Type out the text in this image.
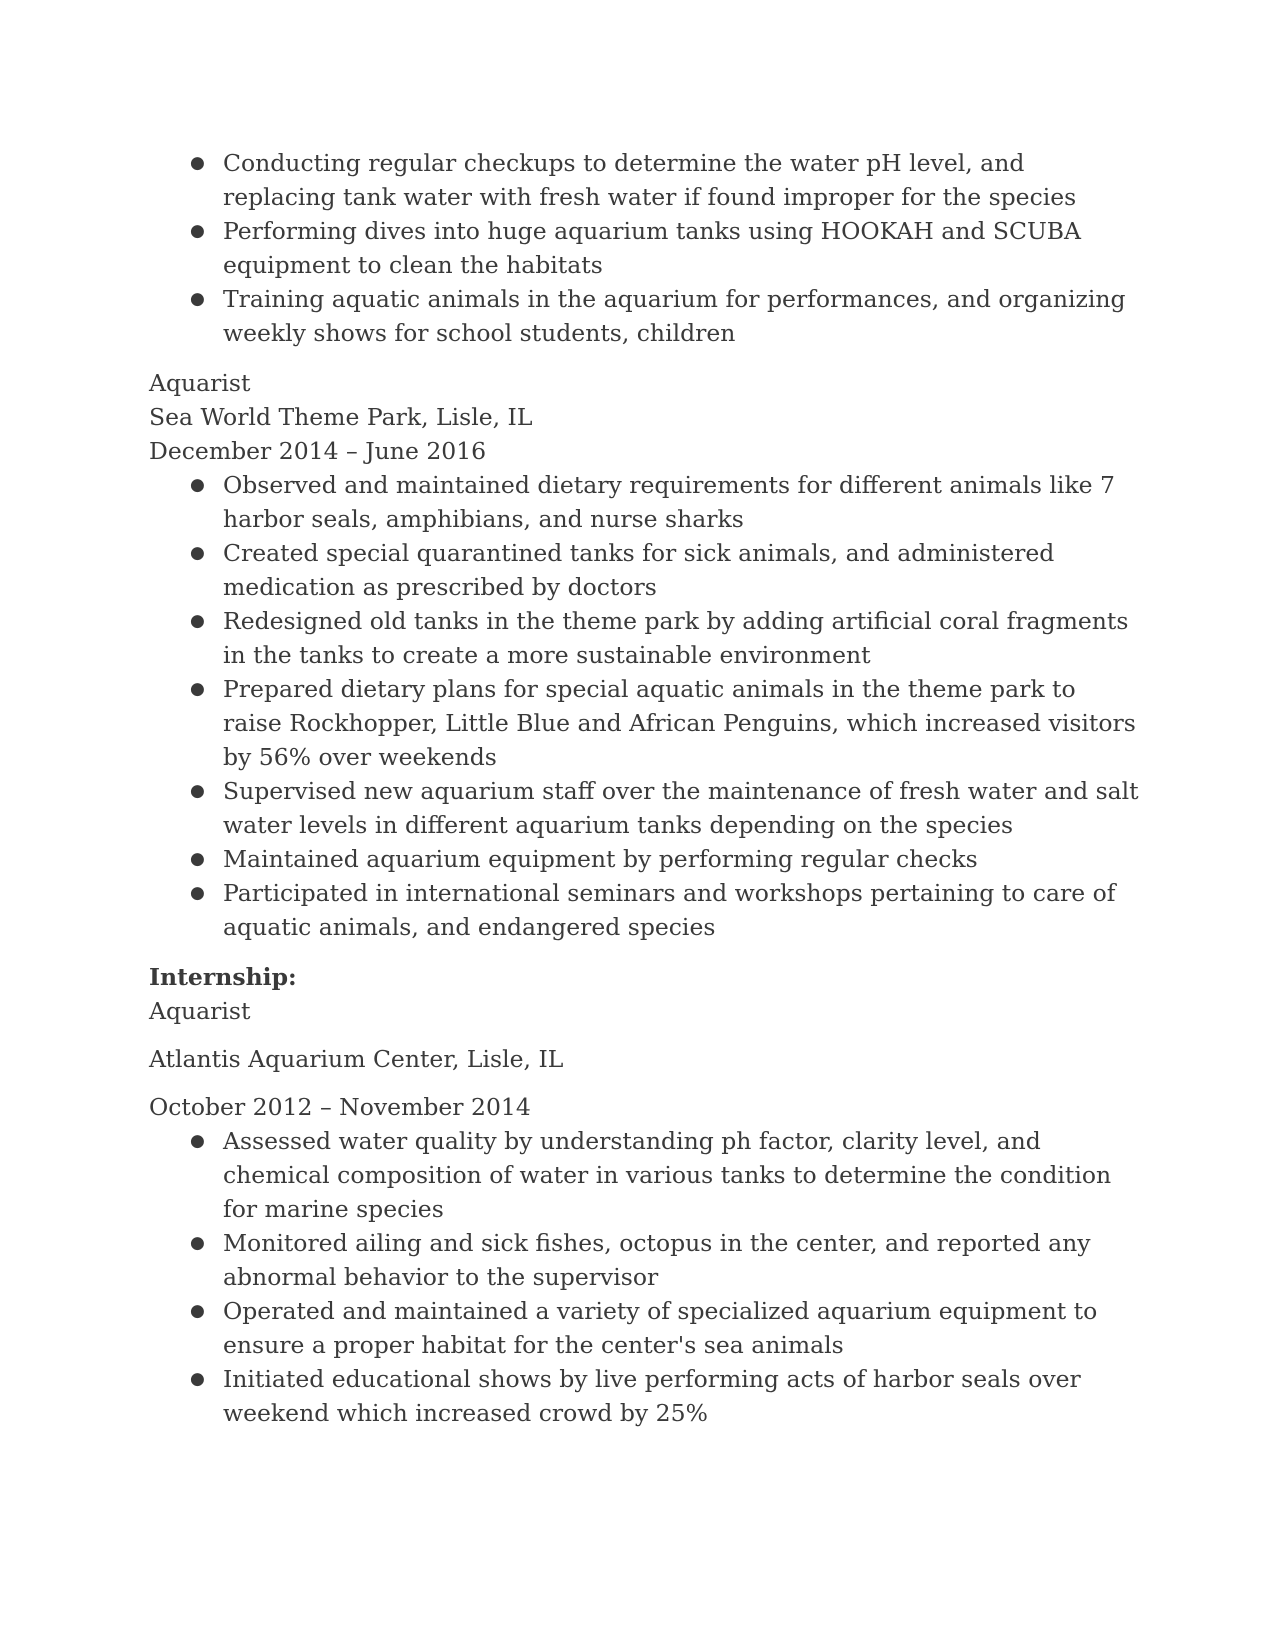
● Conducting regular checkups to determine the water pH level, and replacing tank water with fresh water if found improper for the species
● Performing dives into huge aquarium tanks using HOOKAH and SCUBA equipment to clean the habitats
● Training aquatic animals in the aquarium for performances, and organizing weekly shows for school students, children
Aquarist
Sea World Theme Park, Lisle, IL
December 2014 – June 2016
● Observed and maintained dietary requirements for different animals like 7 harbor seals, amphibians, and nurse sharks
● Created special quarantined tanks for sick animals, and administered medication as prescribed by doctors
● Redesigned old tanks in the theme park by adding artificial coral fragments in the tanks to create a more sustainable environment
● Prepared dietary plans for special aquatic animals in the theme park to raise Rockhopper, Little Blue and African Penguins, which increased visitors by 56% over weekends
● Supervised new aquarium staff over the maintenance of fresh water and salt water levels in different aquarium tanks depending on the species
● Maintained aquarium equipment by performing regular checks
● Participated in international seminars and workshops pertaining to care of aquatic animals, and endangered species
Internship:
Aquarist
Atlantis Aquarium Center, Lisle, IL
October 2012 – November 2014
● Assessed water quality by understanding ph factor, clarity level, and chemical composition of water in various tanks to determine the condition for marine species
● Monitored ailing and sick fishes, octopus in the center, and reported any abnormal behavior to the supervisor
● Operated and maintained a variety of specialized aquarium equipment to ensure a proper habitat for the center's sea animals
● Initiated educational shows by live performing acts of harbor seals over weekend which increased crowd by 25%
